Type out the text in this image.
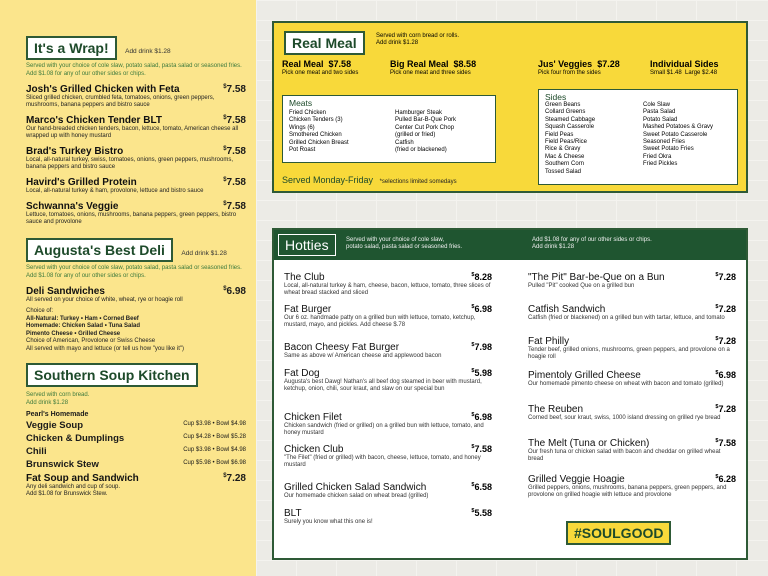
It's a Wrap!	Add drink $1.28
Served with your choice of cole slaw, potato salad, pasta salad or seasoned fries. Add $1.08 for any of our other sides or chips.
Josh's Grilled Chicken with Feta	$7.58
Sliced grilled chicken, crumbled feta, tomatoes, onions, green peppers, mushrooms, banana peppers and bistro sauce
Marco's Chicken Tender BLT	$7.58
Our hand-breaded chicken tenders, bacon, lettuce, tomato, American cheese all wrapped up with honey mustard
Brad's Turkey Bistro	$7.58
Local, all-natural turkey, swiss, tomatoes, onions, green peppers, mushrooms, banana peppers and bistro sauce
Havird's Grilled Protein	$7.58
Local, all-natural turkey & ham, provolone, lettuce and bistro sauce
Schwanna's Veggie	$7.58
Lettuce, tomatoes, onions, mushrooms, banana peppers, green peppers, bistro sauce and provolone
Augusta's Best Deli	Add drink $1.28
Served with your choice of cole slaw, potato salad, pasta salad or seasoned fries. Add $1.08 for any of our other sides or chips.
Deli Sandwiches	$6.98
All served on your choice of white, wheat, rye or hoagie roll
Choice of:
All-Natural: Turkey • Ham • Corned Beef
Homemade: Chicken Salad • Tuna Salad
Pimento Cheese • Grilled Cheese
Choice of American, Provolone or Swiss Cheese
All served with mayo and lettuce (or tell us how "you like it")
Southern Soup Kitchen
Served with corn bread.
Add drink $1.28
Pearl's Homemade
Veggie Soup	Cup $3.98 • Bowl $4.98
Chicken & Dumplings	Cup $4.28 • Bowl $5.28
Chili	Cup $3.98 • Bowl $4.98
Brunswick Stew	Cup $5.98 • Bowl $6.98
Fat Soup and Sandwich	$7.28
Any deli sandwich and cup of soup.
Add $1.08 for Brunswick Stew.
Real Meal	Served with corn bread or rolls.
Add drink $1.28
Real Meal $7.58
Pick one meat and two sides
Big Real Meal $8.58
Pick one meat and three sides
Jus' Veggies $7.28
Pick four from the sides
Individual Sides
Small $1.48 Large $2.48
Meats
Fried Chicken
Chicken Tenders (3)
Wings (6)
Smothered Chicken
Grilled Chicken Breast
Pot Roast
Hamburger Steak
Pulled Bar-B-Que Pork
Center Cut Pork Chop
(grilled or fried)
Catfish
(fried or blackened)
Served Monday-Friday *selections limited somedays
Sides
Green Beans
Collard Greens
Steamed Cabbage
Squash Casserole
Field Peas
Field Peas/Rice
Rice & Gravy
Mac & Cheese
Southern Corn
Tossed Salad
Cole Slaw
Pasta Salad
Potato Salad
Mashed Potatoes & Gravy
Sweet Potato Casserole
Seasoned Fries
Sweet Potato Fries
Fried Okra
Fried Pickles
Hotties	Served with your choice of cole slaw,
potato salad, pasta salad or seasoned fries.
Add $1.08 for any of our other sides or chips.
Add drink $1.28
The Club	$8.28
Local, all-natural turkey & ham, cheese, bacon, lettuce, tomato, three slices of wheat bread stacked and sliced
Fat Burger	$6.98
Our 6 oz. handmade patty on a grilled bun with lettuce, tomato, ketchup, mustard, mayo, and pickles. Add cheese $.78
Bacon Cheesy Fat Burger	$7.98
Same as above w/ American cheese and applewood bacon
Fat Dog	$5.98
Augusta's best Dawg! Nathan's all beef dog steamed in beer with mustard, ketchup, onion, chili, sour kraut, and slaw on our special bun
Chicken Filet	$6.98
Chicken sandwich (fried or grilled) on a grilled bun with lettuce, tomato, and honey mustard
Chicken Club	$7.58
"The Filet" (fried or grilled) with bacon, cheese, lettuce, tomato, and honey mustard
Grilled Chicken Salad Sandwich	$6.58
Our homemade chicken salad on wheat bread (grilled)
BLT	$5.58
Surely you know what this one is!
"The Pit" Bar-be-Que on a Bun	$7.28
Pulled "Pit" cooked Que on a grilled bun
Catfish Sandwich	$7.28
Catfish (fried or blackened) on a grilled bun with tartar, lettuce, and tomato
Fat Philly	$7.28
Tender beef, grilled onions, mushrooms, green peppers, and provolone on a hoagie roll
Pimentoly Grilled Cheese	$6.98
Our homemade pimento cheese on wheat with bacon and tomato (grilled)
The Reuben	$7.28
Corned beef, sour kraut, swiss, 1000 island dressing on grilled rye bread
The Melt (Tuna or Chicken)	$7.58
Our fresh tuna or chicken salad with bacon and cheddar on grilled wheat bread
Grilled Veggie Hoagie	$6.28
Grilled peppers, onions, mushrooms, banana peppers, green peppers, and provolone on grilled hoagie with lettuce and provolone
#SOULGOOD
